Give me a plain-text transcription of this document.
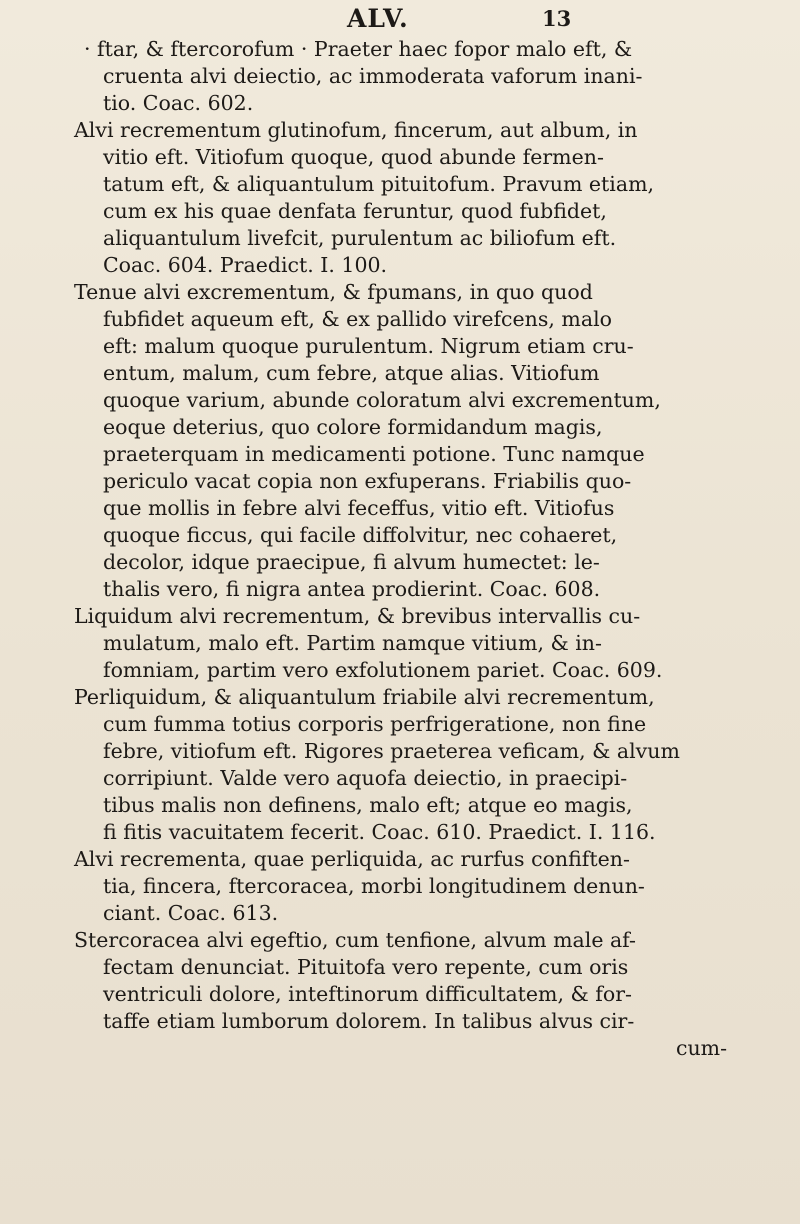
ALV.	13
· ftar, & ftercorofum · Praeter haec fopor malo eft, &
cruenta alvi deiectio, ac immoderata vaforum inani-
tio. Coac. 602.
Alvi recrementum glutinofum, fincerum, aut album, in
vitio eft. Vitiofum quoque, quod abunde fermen-
tatum eft, & aliquantulum pituitofum. Pravum etiam,
cum ex his quae denfata feruntur, quod fubfidet,
aliquantulum livefcit, purulentum ac biliofum eft.
Coac. 604. Praedict. I. 100.
Tenue alvi excrementum, & fpumans, in quo quod
fubfidet aqueum eft, & ex pallido virefcens, malo
eft: malum quoque purulentum. Nigrum etiam cru-
entum, malum, cum febre, atque alias. Vitiofum
quoque varium, abunde coloratum alvi excrementum,
eoque deterius, quo colore formidandum magis,
praeterquam in medicamenti potione. Tunc namque
periculo vacat copia non exfuperans. Friabilis quo-
que mollis in febre alvi feceffus, vitio eft. Vitiofus
quoque ficcus, qui facile diffolvitur, nec cohaeret,
decolor, idque praecipue, fi alvum humectet: le-
thalis vero, fi nigra antea prodierint. Coac. 608.
Liquidum alvi recrementum, & brevibus intervallis cu-
mulatum, malo eft. Partim namque vitium, & in-
fomniam, partim vero exfolutionem pariet. Coac. 609.
Perliquidum, & aliquantulum friabile alvi recrementum,
cum fumma totius corporis perfrigeratione, non fine
febre, vitiofum eft. Rigores praeterea veficam, & alvum
corripiunt. Valde vero aquofa deiectio, in praecipi-
tibus malis non definens, malo eft; atque eo magis,
fi fitis vacuitatem fecerit. Coac. 610. Praedict. I. 116.
Alvi recrementa, quae perliquida, ac rurfus confiften-
tia, fincera, ftercoracea, morbi longitudinem denun-
ciant. Coac. 613.
Stercoracea alvi egeftio, cum tenfione, alvum male af-
fectam denunciat. Pituitofa vero repente, cum oris
ventriculi dolore, inteftinorum difficultatem, & for-
taffe etiam lumborum dolorem. In talibus alvus cir-
cum-
